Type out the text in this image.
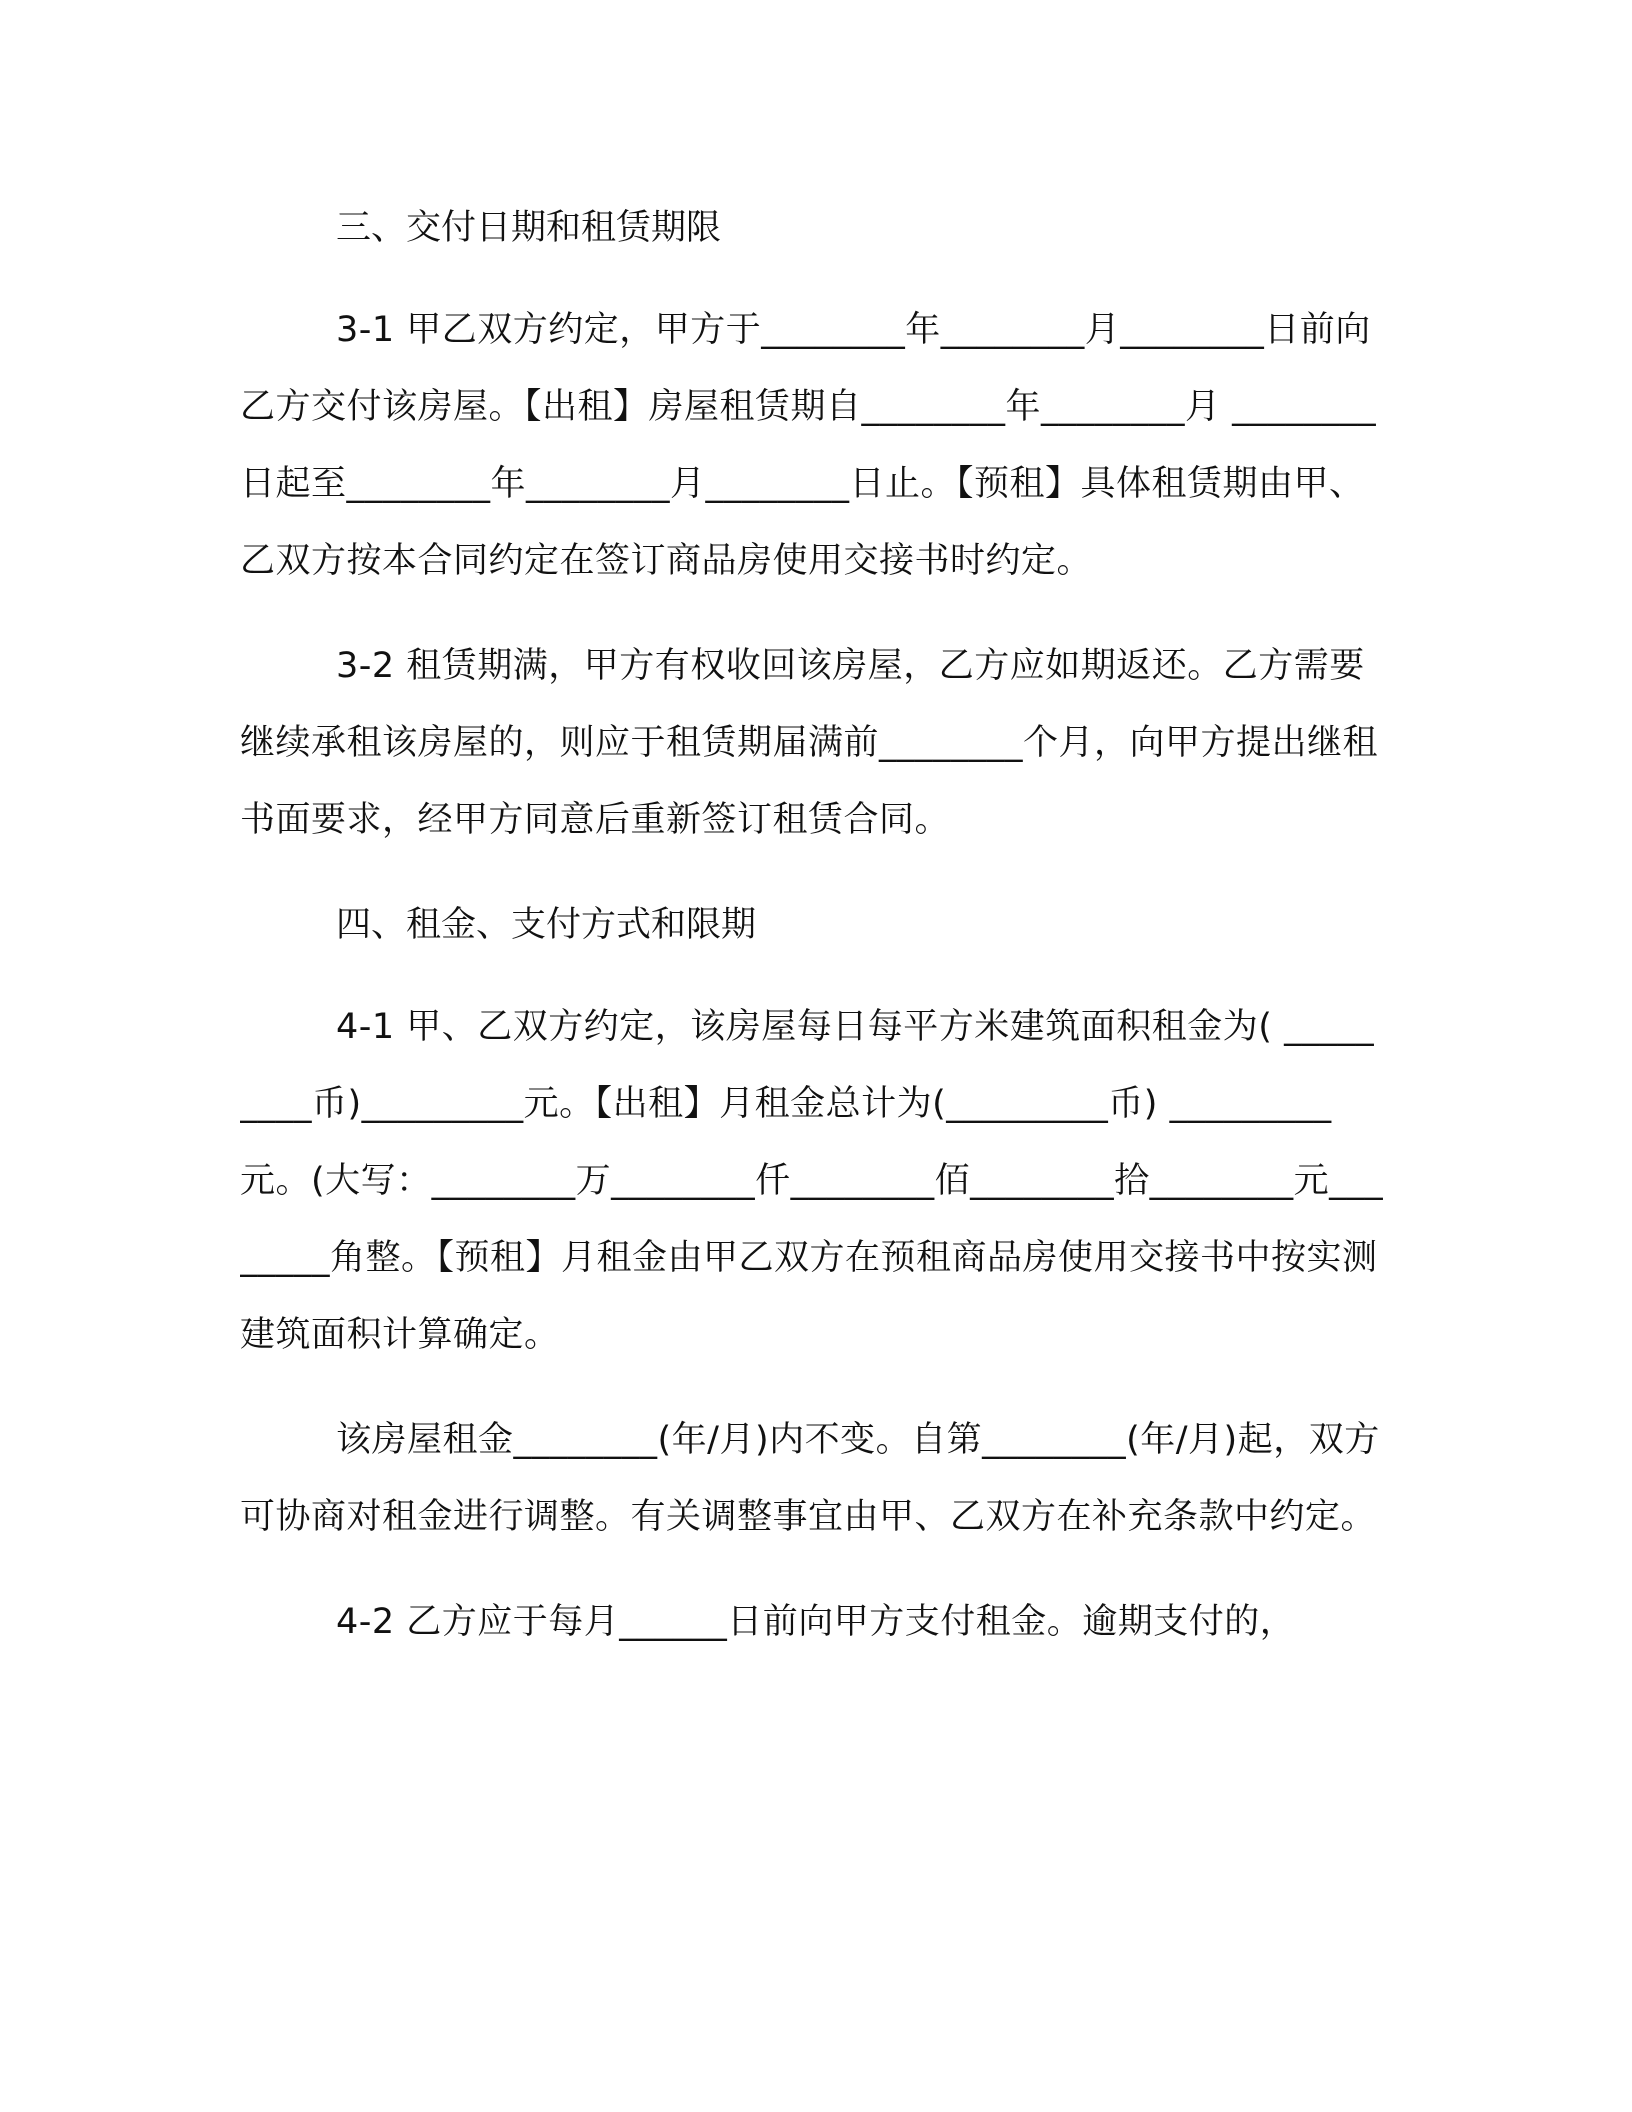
三、交付日期和租赁期限

3-1 甲乙双方约定，甲方于________年________月________日前向乙方交付该房屋。【出租】房屋租赁期自________年________月 ________日起至________年________月________日止。【预租】具体租赁期由甲、乙双方按本合同约定在签订商品房使用交接书时约定。

3-2 租赁期满，甲方有权收回该房屋，乙方应如期返还。乙方需要继续承租该房屋的，则应于租赁期届满前________个月，向甲方提出继租书面要求，经甲方同意后重新签订租赁合同。

四、租金、支付方式和限期

4-1 甲、乙双方约定，该房屋每日每平方米建筑面积租金为( _________币)_________元。【出租】月租金总计为(_________币) _________元。(大写：________万________仟________佰________拾________元________角整。【预租】月租金由甲乙双方在预租商品房使用交接书中按实测建筑面积计算确定。

该房屋租金________(年/月)内不变。自第________(年/月)起，双方可协商对租金进行调整。有关调整事宜由甲、乙双方在补充条款中约定。

4-2 乙方应于每月______日前向甲方支付租金。逾期支付的，
